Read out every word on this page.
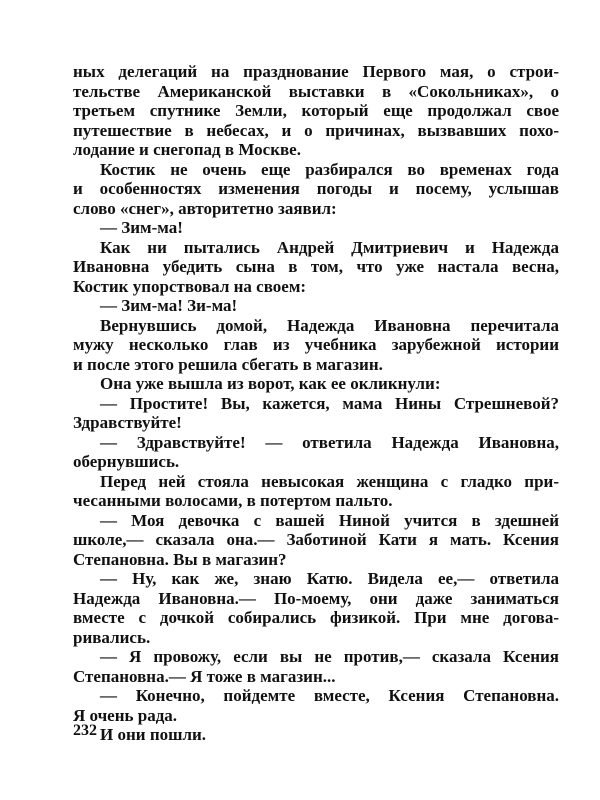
ных делегаций на празднование Первого мая, о строи-
тельстве Американской выставки в «Сокольниках», о
третьем спутнике Земли, который еще продолжал свое
путешествие в небесах, и о причинах, вызвавших похо-
лодание и снегопад в Москве.
Костик не очень еще разбирался во временах года
и особенностях изменения погоды и посему, услышав
слово «снег», авторитетно заявил:
— Зим-ма!
Как ни пытались Андрей Дмитриевич и Надежда
Ивановна убедить сына в том, что уже настала весна,
Костик упорствовал на своем:
— Зим-ма! Зи-ма!
Вернувшись домой, Надежда Ивановна перечитала
мужу несколько глав из учебника зарубежной истории
и после этого решила сбегать в магазин.
Она уже вышла из ворот, как ее окликнули:
— Простите! Вы, кажется, мама Нины Стрешневой?
Здравствуйте!
— Здравствуйте! — ответила Надежда Ивановна,
обернувшись.
Перед ней стояла невысокая женщина с гладко при-
чесанными волосами, в потертом пальто.
— Моя девочка с вашей Ниной учится в здешней
школе,— сказала она.— Заботиной Кати я мать. Ксения
Степановна. Вы в магазин?
— Ну, как же, знаю Катю. Видела ее,— ответила
Надежда Ивановна.— По-моему, они даже заниматься
вместе с дочкой собирались физикой. При мне догова-
ривались.
— Я провожу, если вы не против,— сказала Ксения
Степановна.— Я тоже в магазин...
— Конечно, пойдемте вместе, Ксения Степановна.
Я очень рада.
И они пошли.
232
